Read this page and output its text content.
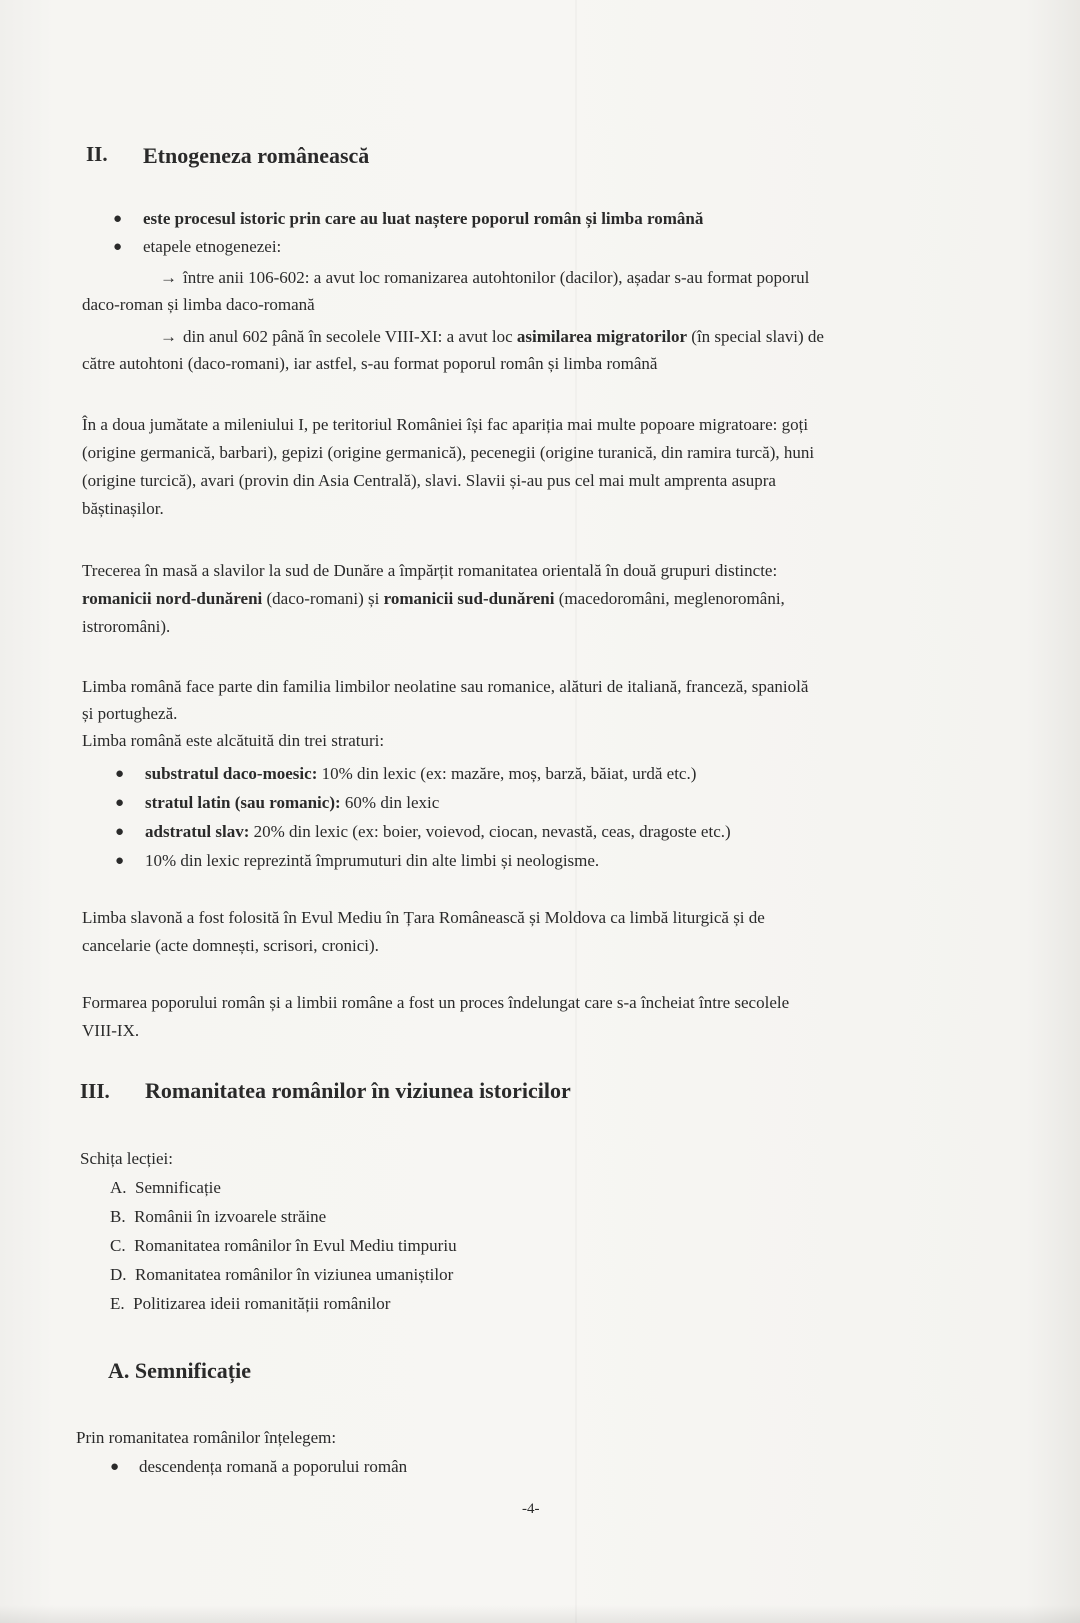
II. Etnogeneza românească
● este procesul istoric prin care au luat naștere poporul român și limba română
● etapele etnogenezei:
→ între anii 106-602: a avut loc romanizarea autohtonilor (dacilor), așadar s-au format poporul
daco-roman și limba daco-romană
→ din anul 602 până în secolele VIII-XI: a avut loc asimilarea migratorilor (în special slavi) de
către autohtoni (daco-romani), iar astfel, s-au format poporul român și limba română
În a doua jumătate a mileniului I, pe teritoriul României își fac apariția mai multe popoare migratoare: goți
(origine germanică, barbari), gepizi (origine germanică), pecenegii (origine turanică, din ramira turcă), huni
(origine turcică), avari (provin din Asia Centrală), slavi. Slavii și-au pus cel mai mult amprenta asupra
băștinașilor.
Trecerea în masă a slavilor la sud de Dunăre a împărțit romanitatea orientală în două grupuri distincte:
romanicii nord-dunăreni (daco-romani) și romanicii sud-dunăreni (macedoromâni, meglenoromâni,
istroromâni).
Limba română face parte din familia limbilor neolatine sau romanice, alături de italiană, franceză, spaniolă
și portugheză.
Limba română este alcătuită din trei straturi:
● substratul daco-moesic: 10% din lexic (ex: mazăre, moș, barză, băiat, urdă etc.)
● stratul latin (sau romanic): 60% din lexic
● adstratul slav: 20% din lexic (ex: boier, voievod, ciocan, nevastă, ceas, dragoste etc.)
● 10% din lexic reprezintă împrumuturi din alte limbi și neologisme.
Limba slavonă a fost folosită în Evul Mediu în Țara Românească și Moldova ca limbă liturgică și de
cancelarie (acte domnești, scrisori, cronici).
Formarea poporului român și a limbii române a fost un proces îndelungat care s-a încheiat între secolele
VIII-IX.
III. Romanitatea românilor în viziunea istoricilor
Schița lecției:
A. Semnificație
B. Românii în izvoarele străine
C. Romanitatea românilor în Evul Mediu timpuriu
D. Romanitatea românilor în viziunea umaniștilor
E. Politizarea ideii romanității românilor
A. Semnificație
Prin romanitatea românilor înțelegem:
● descendența romană a poporului român
-4-
